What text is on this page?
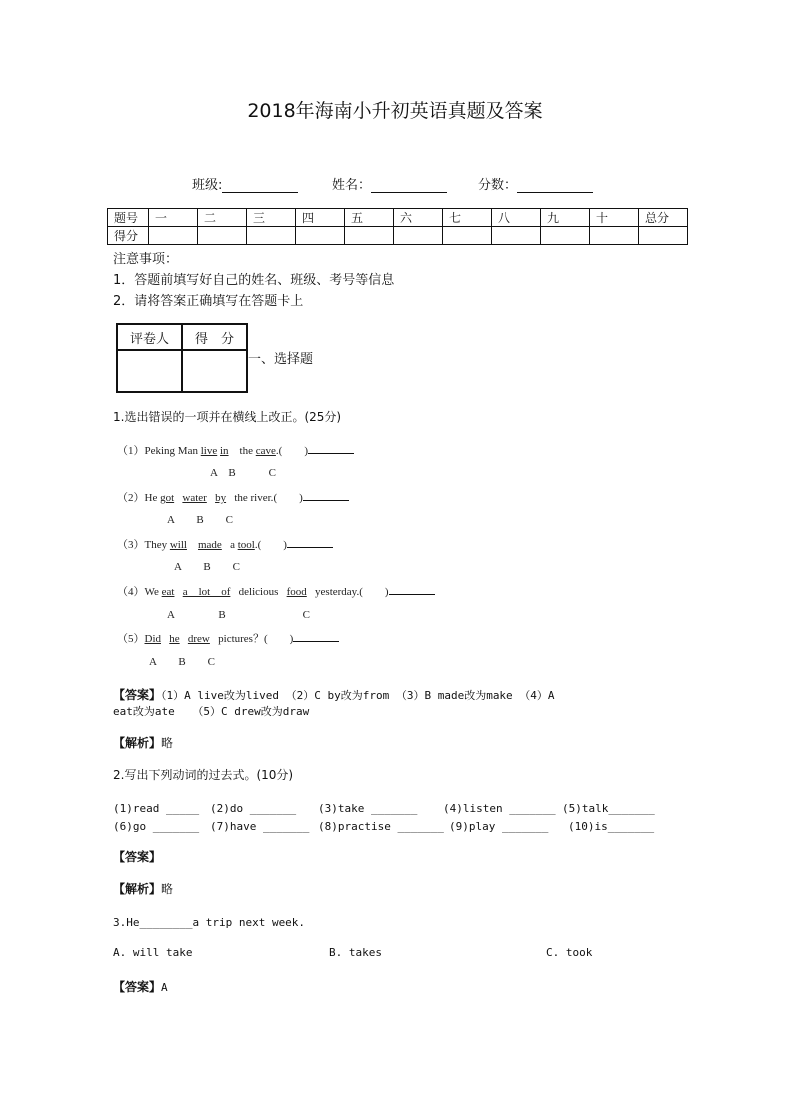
2018年海南小升初英语真题及答案
班级:	姓名：	分数：
题号	一	二	三	四	五	六	七	八	九	十	总分
得分											
注意事项：
1．答题前填写好自己的姓名、班级、考号等信息
2．请将答案正确填写在答题卡上
评卷人	得　分

一、选择题
1.选出错误的一项并在横线上改正。(25分)
（1）Peking Man live in the cave.(　　)
A　B　　　C
（2）He got water by the river.(　　)
A　　B　　C
（3）They will made a tool.(　　)
A　　B　　C
（4）We eat a　lot　of delicious food yesterday.(　　)
A　　　　B　　　　　　　C
（5）Did he drew pictures？(　　)
A　　B　　C
【答案】（1）A live改为lived （2）C by改为from （3）B made改为make （4）A
eat改为ate　 （5）C drew改为draw
【解析】略
2.写出下列动词的过去式。(10分)
(1)read _____ (2)do _______ (3)take _______ (4)listen _______ (5)talk_______
(6)go _______ (7)have _______ (8)practise _______ (9)play _______ (10)is_______
【答案】
【解析】略
3.He________a trip next week.
A. will take	B. takes	C. took
【答案】A
